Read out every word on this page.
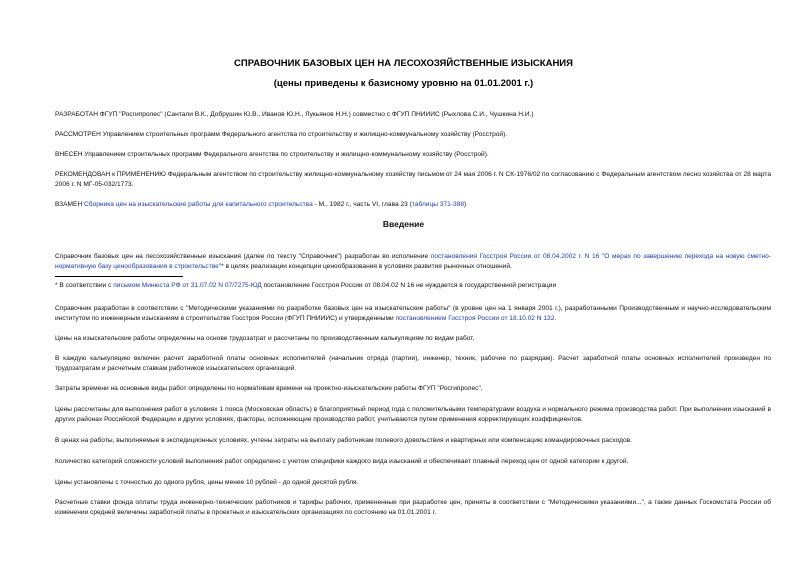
СПРАВОЧНИК БАЗОВЫХ ЦЕН НА ЛЕСОХОЗЯЙСТВЕННЫЕ ИЗЫСКАНИЯ
(цены приведены к базисному уровню на 01.01.2001 г.)

РАЗРАБОТАН ФГУП "Росгипролес" (Сантали В.К., Добрушин Ю.В., Иванов Ю.Н., Лукьянов Н.Н.) совместно с ФГУП ПНИИИС (Рыхлова С.И., Чушкина Н.И.)

РАССМОТРЕН Управлением строительных программ Федерального агентства по строительству и жилищно-коммунальному хозяйству (Росстрой).

ВНЕСЕН Управлением строительных программ Федерального агентства по строительству и жилищно-коммунальному хозяйству (Росстрой).

РЕКОМЕНДОВАН к ПРИМЕНЕНИЮ Федеральным агентством по строительству жилищно-коммунальному хозяйству письмом от 24 мая 2006 г. N СК-1976/02 по согласованию с Федеральным агентством лесно хозяйства от 28 марта 2006 г. N МГ-05-032/1773.

ВЗАМЕН Сборника цен на изыскательские работы для капитального строительства - М., 1982 г., часть VI, глава 23 (таблицы 371-388)

Введение

Справочник базовых цен на лесохозяйственные изыскания (далее по тексту "Справочник") разработан во исполнение постановления Госстроя России от 08.04.2002 г. N 16 "О мерах по завершению перехода на новую сметно-нормативную базу ценообразования в строительстве"* в целях реализации концепции ценообразования в условиях развития рыночных отношений.

* В соответствии с письмом Минюста РФ от 31.07.02 N 07/7275-ЮД постановление Госстроя России от 08.04.02 N 16 не нуждается в государственной регистрации

Справочник разработан в соответствии с "Методическими указаниями по разработке базовых цен на изыскательские работы" (в уровне цен на 1 января 2001 г.), разработанными Производственным и научно-исследовательским институтом по инженерным изысканиям в строительстве Госстроя России (ФГУП ПНИИИС) и утвержденными постановлением Госстроя России от 18.10.02 N 132.

Цены на изыскательские работы определены на основе трудозатрат и рассчитаны по производственным калькуляциям по видам работ.

В каждую калькуляцию включен расчет заработной платы основных исполнителей (начальник отряда (партии), инженер, техник, рабочие по разрядам). Расчет заработной платы основных исполнителей произведен по трудозатратам и расчетным ставкам работников изыскательских организаций.

Затраты времени на основные виды работ определены по нормативам времени на проектно-изыскательские работы ФГУП "Росгипролес".

Цены рассчитаны для выполнения работ в условиях 1 пояса (Московская область) в благоприятный период года с положительными температурами воздуха и нормального режима производства работ. При выполнении изысканий в других районах Российской Федерации и других условиях, факторы, осложняющие производство работ, учитываются путем применения корректирующих коэффициентов.

В ценах на работы, выполняемые в экспедиционных условиях, учтены затраты на выплату работникам полевого довольствия и квартирных или компенсацию командировочных расходов.

Количество категорий сложности условий выполнения работ определено с учетом специфики каждого вида изысканий и обеспечивает плавный переход цен от одной категории к другой.

Цены установлены с точностью до одного рубля, цены менее 10 рублей - до одной десятой рубля.

Расчетные ставки фонда оплаты труда инженерно-технических работников и тарифы рабочих, примененные при разработке цен, приняты в соответствии с "Методическими указаниями...", а также данных Госкомстата России об изменении средней величины заработной платы в проектных и изыскательских организациях по состоянию на 01.01.2001 г.
